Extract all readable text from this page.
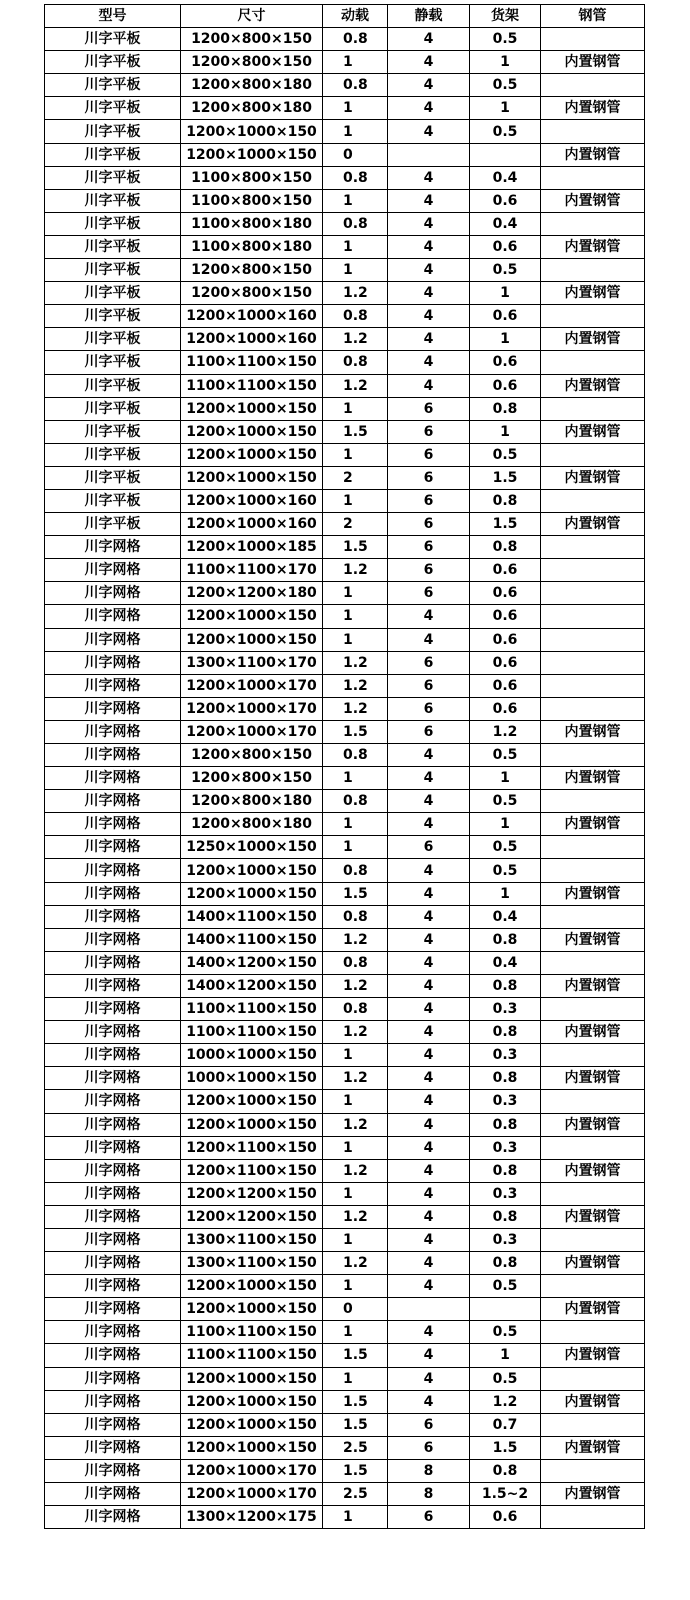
型号	尺寸	动载	静载	货架	钢管
川字平板	1200×800×150	0.8	4	0.5	
川字平板	1200×800×150	1	4	1	内置钢管
川字平板	1200×800×180	0.8	4	0.5	
川字平板	1200×800×180	1	4	1	内置钢管
川字平板	1200×1000×150	1	4	0.5	
川字平板	1200×1000×150	0			内置钢管
川字平板	1100×800×150	0.8	4	0.4	
川字平板	1100×800×150	1	4	0.6	内置钢管
川字平板	1100×800×180	0.8	4	0.4	
川字平板	1100×800×180	1	4	0.6	内置钢管
川字平板	1200×800×150	1	4	0.5	
川字平板	1200×800×150	1.2	4	1	内置钢管
川字平板	1200×1000×160	0.8	4	0.6	
川字平板	1200×1000×160	1.2	4	1	内置钢管
川字平板	1100×1100×150	0.8	4	0.6	
川字平板	1100×1100×150	1.2	4	0.6	内置钢管
川字平板	1200×1000×150	1	6	0.8	
川字平板	1200×1000×150	1.5	6	1	内置钢管
川字平板	1200×1000×150	1	6	0.5	
川字平板	1200×1000×150	2	6	1.5	内置钢管
川字平板	1200×1000×160	1	6	0.8	
川字平板	1200×1000×160	2	6	1.5	内置钢管
川字网格	1200×1000×185	1.5	6	0.8	
川字网格	1100×1100×170	1.2	6	0.6	
川字网格	1200×1200×180	1	6	0.6	
川字网格	1200×1000×150	1	4	0.6	
川字网格	1200×1000×150	1	4	0.6	
川字网格	1300×1100×170	1.2	6	0.6	
川字网格	1200×1000×170	1.2	6	0.6	
川字网格	1200×1000×170	1.2	6	0.6	
川字网格	1200×1000×170	1.5	6	1.2	内置钢管
川字网格	1200×800×150	0.8	4	0.5	
川字网格	1200×800×150	1	4	1	内置钢管
川字网格	1200×800×180	0.8	4	0.5	
川字网格	1200×800×180	1	4	1	内置钢管
川字网格	1250×1000×150	1	6	0.5	
川字网格	1200×1000×150	0.8	4	0.5	
川字网格	1200×1000×150	1.5	4	1	内置钢管
川字网格	1400×1100×150	0.8	4	0.4	
川字网格	1400×1100×150	1.2	4	0.8	内置钢管
川字网格	1400×1200×150	0.8	4	0.4	
川字网格	1400×1200×150	1.2	4	0.8	内置钢管
川字网格	1100×1100×150	0.8	4	0.3	
川字网格	1100×1100×150	1.2	4	0.8	内置钢管
川字网格	1000×1000×150	1	4	0.3	
川字网格	1000×1000×150	1.2	4	0.8	内置钢管
川字网格	1200×1000×150	1	4	0.3	
川字网格	1200×1000×150	1.2	4	0.8	内置钢管
川字网格	1200×1100×150	1	4	0.3	
川字网格	1200×1100×150	1.2	4	0.8	内置钢管
川字网格	1200×1200×150	1	4	0.3	
川字网格	1200×1200×150	1.2	4	0.8	内置钢管
川字网格	1300×1100×150	1	4	0.3	
川字网格	1300×1100×150	1.2	4	0.8	内置钢管
川字网格	1200×1000×150	1	4	0.5	
川字网格	1200×1000×150	0			内置钢管
川字网格	1100×1100×150	1	4	0.5	
川字网格	1100×1100×150	1.5	4	1	内置钢管
川字网格	1200×1000×150	1	4	0.5	
川字网格	1200×1000×150	1.5	4	1.2	内置钢管
川字网格	1200×1000×150	1.5	6	0.7	
川字网格	1200×1000×150	2.5	6	1.5	内置钢管
川字网格	1200×1000×170	1.5	8	0.8	
川字网格	1200×1000×170	2.5	8	1.5~2	内置钢管
川字网格	1300×1200×175	1	6	0.6	
